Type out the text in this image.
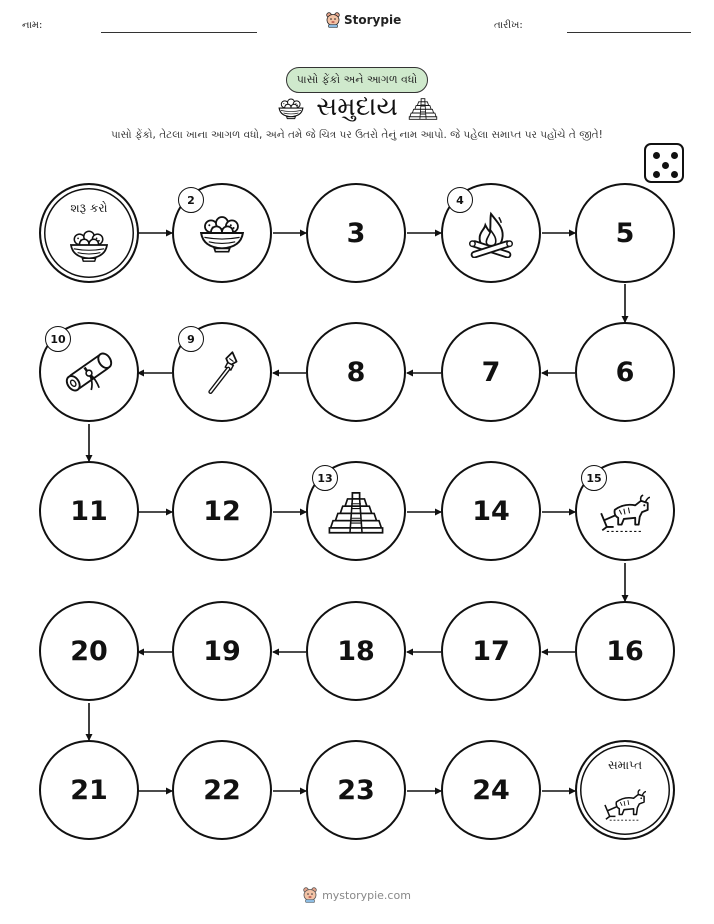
નામ:	Storypie	તારીખ:
પાસો ફેંકો અને આગળ વધો
સમુદાય
પાસો ફેંકો, તેટલા ખાના આગળ વધો, અને તમે જે ચિત્ર પર ઉતરો તેનું નામ આપો. જે પહેલા સમાપ્ત પર પહોંચે તે જીતે!
શરૂ કરો
2
3
4
5
6
7
8
9
10
11	12
13
14
15
16
17
18
19
20
21	22	23	24
સમાપ્ત
mystorypie.com
